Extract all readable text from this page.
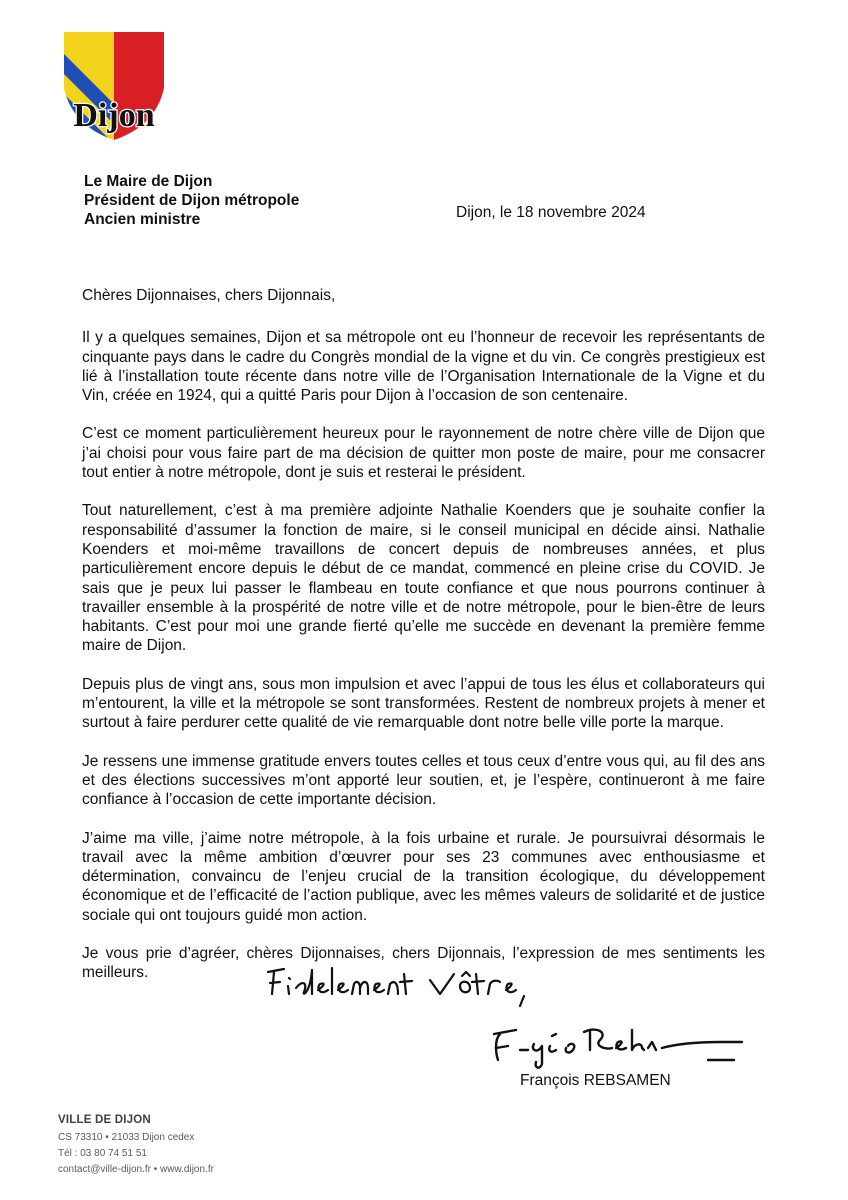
Dijon
Le Maire de Dijon
Président de Dijon métropole
Ancien ministre	Dijon, le 18 novembre 2024

Chères Dijonnaises, chers Dijonnais,

Il y a quelques semaines, Dijon et sa métropole ont eu l’honneur de recevoir les représentants de cinquante pays dans le cadre du Congrès mondial de la vigne et du vin. Ce congrès prestigieux est lié à l’installation toute récente dans notre ville de l’Organisation Internationale de la Vigne et du Vin, créée en 1924, qui a quitté Paris pour Dijon à l’occasion de son centenaire.

C’est ce moment particulièrement heureux pour le rayonnement de notre chère ville de Dijon que j’ai choisi pour vous faire part de ma décision de quitter mon poste de maire, pour me consacrer tout entier à notre métropole, dont je suis et resterai le président.

Tout naturellement, c’est à ma première adjointe Nathalie Koenders que je souhaite confier la responsabilité d’assumer la fonction de maire, si le conseil municipal en décide ainsi. Nathalie Koenders et moi-même travaillons de concert depuis de nombreuses années, et plus particulièrement encore depuis le début de ce mandat, commencé en pleine crise du COVID. Je sais que je peux lui passer le flambeau en toute confiance et que nous pourrons continuer à travailler ensemble à la prospérité de notre ville et de notre métropole, pour le bien-être de leurs habitants. C’est pour moi une grande fierté qu’elle me succède en devenant la première femme maire de Dijon.

Depuis plus de vingt ans, sous mon impulsion et avec l’appui de tous les élus et collaborateurs qui m’entourent, la ville et la métropole se sont transformées. Restent de nombreux projets à mener et surtout à faire perdurer cette qualité de vie remarquable dont notre belle ville porte la marque.

Je ressens une immense gratitude envers toutes celles et tous ceux d’entre vous qui, au fil des ans et des élections successives m’ont apporté leur soutien, et, je l’espère, continueront à me faire confiance à l’occasion de cette importante décision.

J’aime ma ville, j’aime notre métropole, à la fois urbaine et rurale. Je poursuivrai désormais le travail avec la même ambition d’œuvrer pour ses 23 communes avec enthousiasme et détermination, convaincu de l’enjeu crucial de la transition écologique, du développement économique et de l’efficacité de l’action publique, avec les mêmes valeurs de solidarité et de justice sociale qui ont toujours guidé mon action.

Je vous prie d’agréer, chères Dijonnaises, chers Dijonnais, l’expression de mes sentiments les meilleurs.

François REBSAMEN
VILLE DE DIJON
CS 73310 • 21033 Dijon cedex
Tél : 03 80 74 51 51
contact@ville-dijon.fr • www.dijon.fr
